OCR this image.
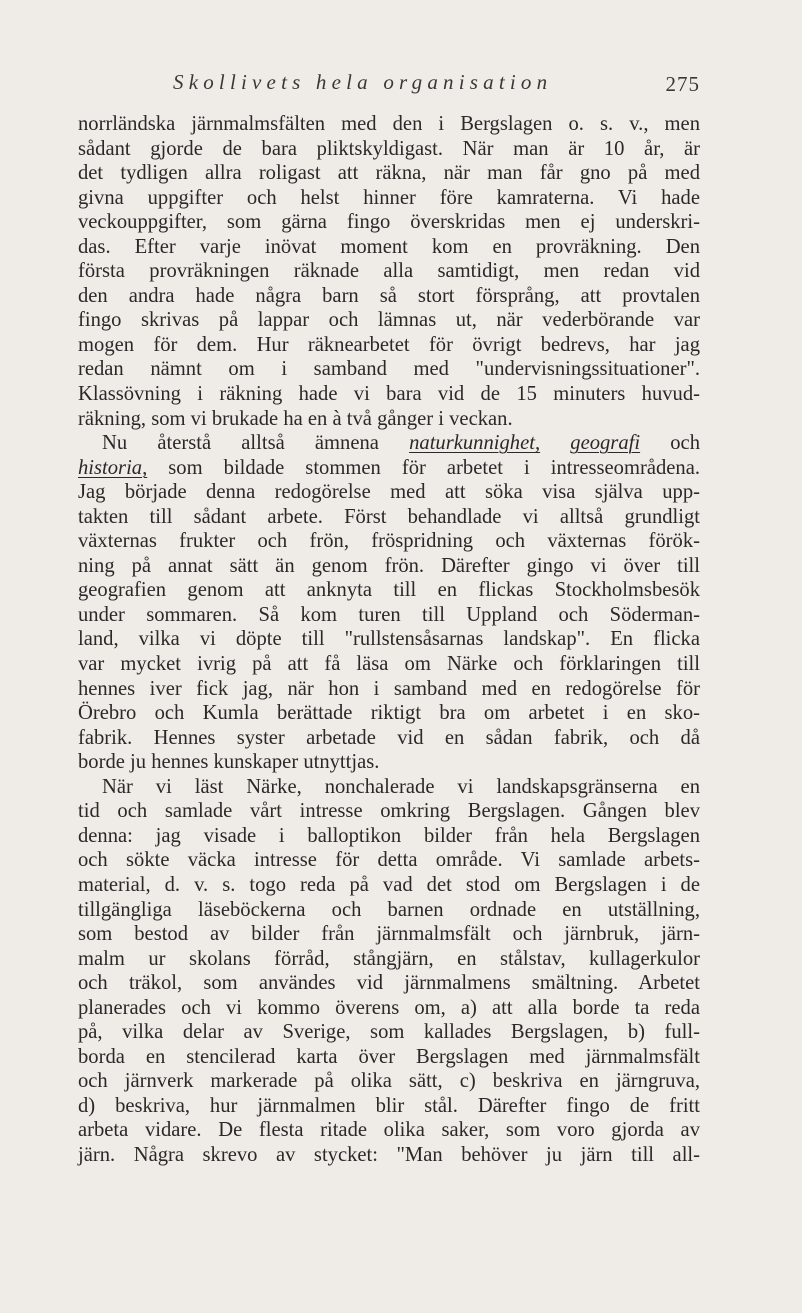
Skollivets hela organisation	275
norrländska järnmalmsfälten med den i Bergslagen o. s. v., men
sådant gjorde de bara pliktskyldigast. När man är 10 år, är
det tydligen allra roligast att räkna, när man får gno på med
givna uppgifter och helst hinner före kamraterna. Vi hade
veckouppgifter, som gärna fingo överskridas men ej underskri-
das. Efter varje inövat moment kom en provräkning. Den
första provräkningen räknade alla samtidigt, men redan vid
den andra hade några barn så stort försprång, att provtalen
fingo skrivas på lappar och lämnas ut, när vederbörande var
mogen för dem. Hur räknearbetet för övrigt bedrevs, har jag
redan nämnt om i samband med "undervisningssituationer".
Klassövning i räkning hade vi bara vid de 15 minuters huvud-
räkning, som vi brukade ha en à två gånger i veckan.
Nu återstå alltså ämnena naturkunnighet, geografi och
historia, som bildade stommen för arbetet i intresseområdena.
Jag började denna redogörelse med att söka visa själva upp-
takten till sådant arbete. Först behandlade vi alltså grundligt
växternas frukter och frön, fröspridning och växternas förök-
ning på annat sätt än genom frön. Därefter gingo vi över till
geografien genom att anknyta till en flickas Stockholmsbesök
under sommaren. Så kom turen till Uppland och Söderman-
land, vilka vi döpte till "rullstensåsarnas landskap". En flicka
var mycket ivrig på att få läsa om Närke och förklaringen till
hennes iver fick jag, när hon i samband med en redogörelse för
Örebro och Kumla berättade riktigt bra om arbetet i en sko-
fabrik. Hennes syster arbetade vid en sådan fabrik, och då
borde ju hennes kunskaper utnyttjas.
När vi läst Närke, nonchalerade vi landskapsgränserna en
tid och samlade vårt intresse omkring Bergslagen. Gången blev
denna: jag visade i balloptikon bilder från hela Bergslagen
och sökte väcka intresse för detta område. Vi samlade arbets-
material, d. v. s. togo reda på vad det stod om Bergslagen i de
tillgängliga läseböckerna och barnen ordnade en utställning,
som bestod av bilder från järnmalmsfält och järnbruk, järn-
malm ur skolans förråd, stångjärn, en stålstav, kullagerkulor
och träkol, som användes vid järnmalmens smältning. Arbetet
planerades och vi kommo överens om, a) att alla borde ta reda
på, vilka delar av Sverige, som kallades Bergslagen, b) full-
borda en stencilerad karta över Bergslagen med järnmalmsfält
och järnverk markerade på olika sätt, c) beskriva en järngruva,
d) beskriva, hur järnmalmen blir stål. Därefter fingo de fritt
arbeta vidare. De flesta ritade olika saker, som voro gjorda av
järn. Några skrevo av stycket: "Man behöver ju järn till all-
